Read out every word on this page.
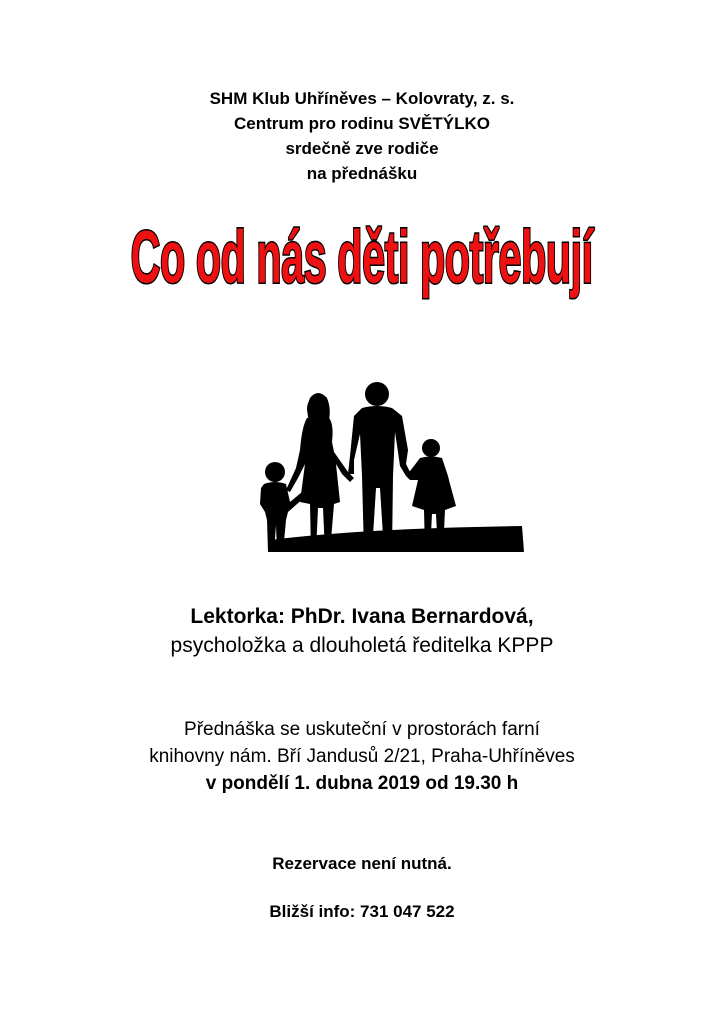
SHM Klub Uhříněves – Kolovraty, z. s.
Centrum pro rodinu SVĚTÝLKO
srdečně zve rodiče
na přednášku
Co od nás děti potřebují
Lektorka: PhDr. Ivana Bernardová,
psycholožka a dlouholetá ředitelka KPPP
Přednáška se uskuteční v prostorách farní
knihovny nám. Bří Jandusů 2/21, Praha-Uhříněves
v pondělí 1. dubna 2019 od 19.30 h
Rezervace není nutná.
Bližší info: 731 047 522
